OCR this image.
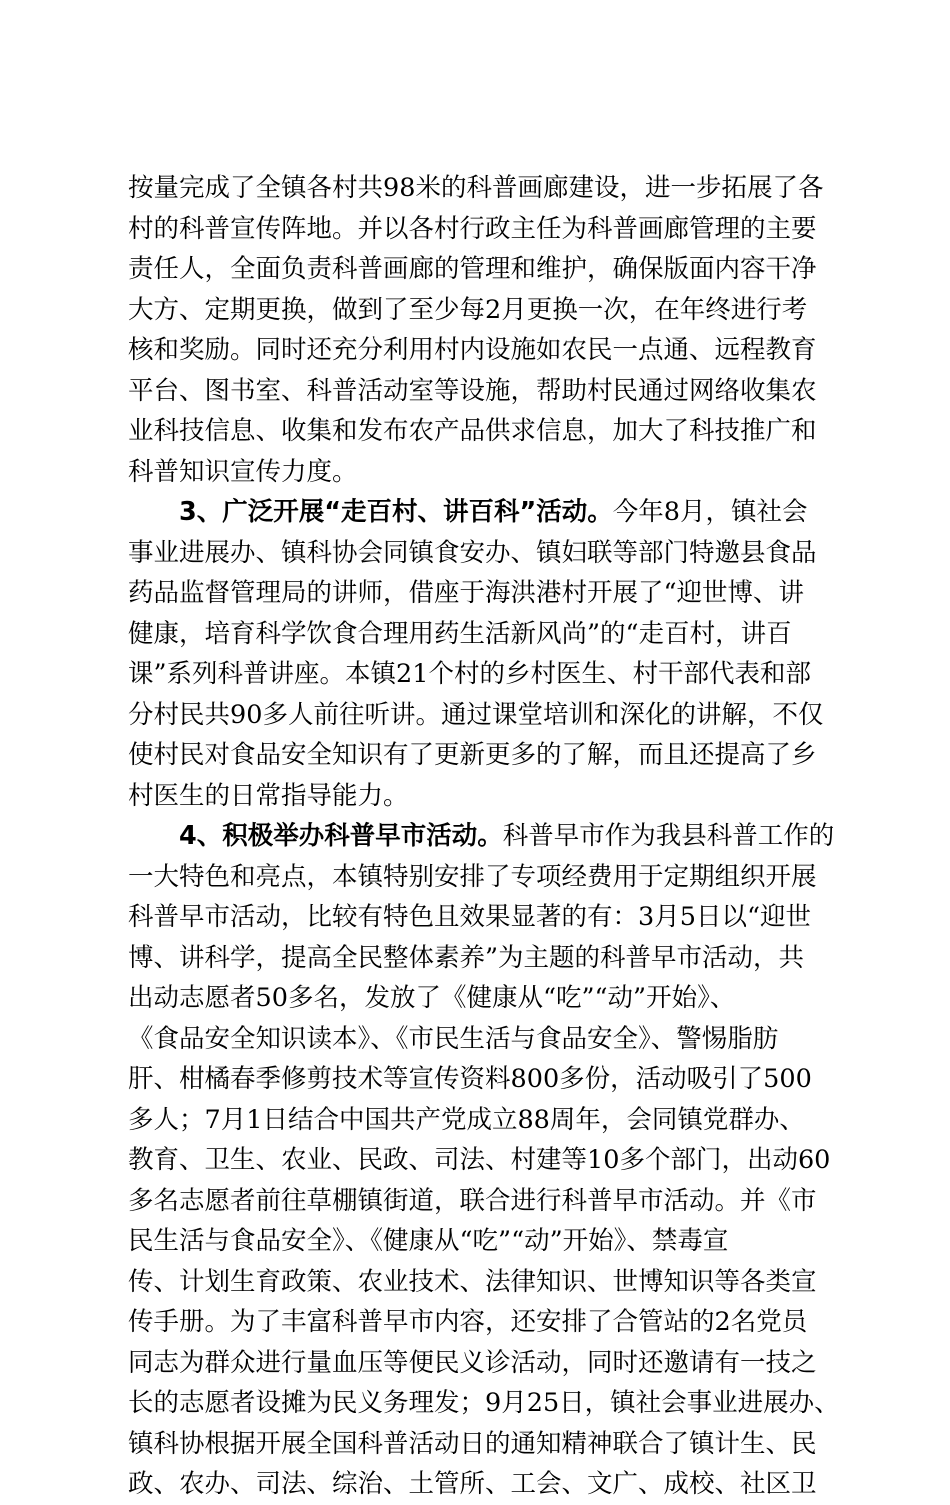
按量完成了全镇各村共98米的科普画廊建设，进一步拓展了各
村的科普宣传阵地。并以各村行政主任为科普画廊管理的主要
责任人，全面负责科普画廊的管理和维护，确保版面内容干净
大方、定期更换，做到了至少每2月更换一次，在年终进行考
核和奖励。同时还充分利用村内设施如农民一点通、远程教育
平台、图书室、科普活动室等设施，帮助村民通过网络收集农
业科技信息、收集和发布农产品供求信息，加大了科技推广和
科普知识宣传力度。
3、广泛开展“走百村、讲百科”活动。今年8月，镇社会
事业进展办、镇科协会同镇食安办、镇妇联等部门特邀县食品
药品监督管理局的讲师，借座于海洪港村开展了“迎世博、讲
健康，培育科学饮食合理用药生活新风尚”的“走百村，讲百
课”系列科普讲座。本镇21个村的乡村医生、村干部代表和部
分村民共90多人前往听讲。通过课堂培训和深化的讲解，不仅
使村民对食品安全知识有了更新更多的了解，而且还提高了乡
村医生的日常指导能力。
4、积极举办科普早市活动。科普早市作为我县科普工作的
一大特色和亮点，本镇特别安排了专项经费用于定期组织开展
科普早市活动，比较有特色且效果显著的有：3月5日以“迎世
博、讲科学，提高全民整体素养”为主题的科普早市活动，共
出动志愿者50多名，发放了《健康从“吃”“动”开始》、
《食品安全知识读本》、《市民生活与食品安全》、警惕脂肪
肝、柑橘春季修剪技术等宣传资料800多份，活动吸引了500
多人；7月1日结合中国共产党成立88周年，会同镇党群办、
教育、卫生、农业、民政、司法、村建等10多个部门，出动60
多名志愿者前往草棚镇街道，联合进行科普早市活动。并《市
民生活与食品安全》、《健康从“吃”“动”开始》、禁毒宣
传、计划生育政策、农业技术、法律知识、世博知识等各类宣
传手册。为了丰富科普早市内容，还安排了合管站的2名党员
同志为群众进行量血压等便民义诊活动，同时还邀请有一技之
长的志愿者设摊为民义务理发；9月25日，镇社会事业进展办、
镇科协根据开展全国科普活动日的通知精神联合了镇计生、民
政、农办、司法、综治、土管所、工会、文广、成校、社区卫
